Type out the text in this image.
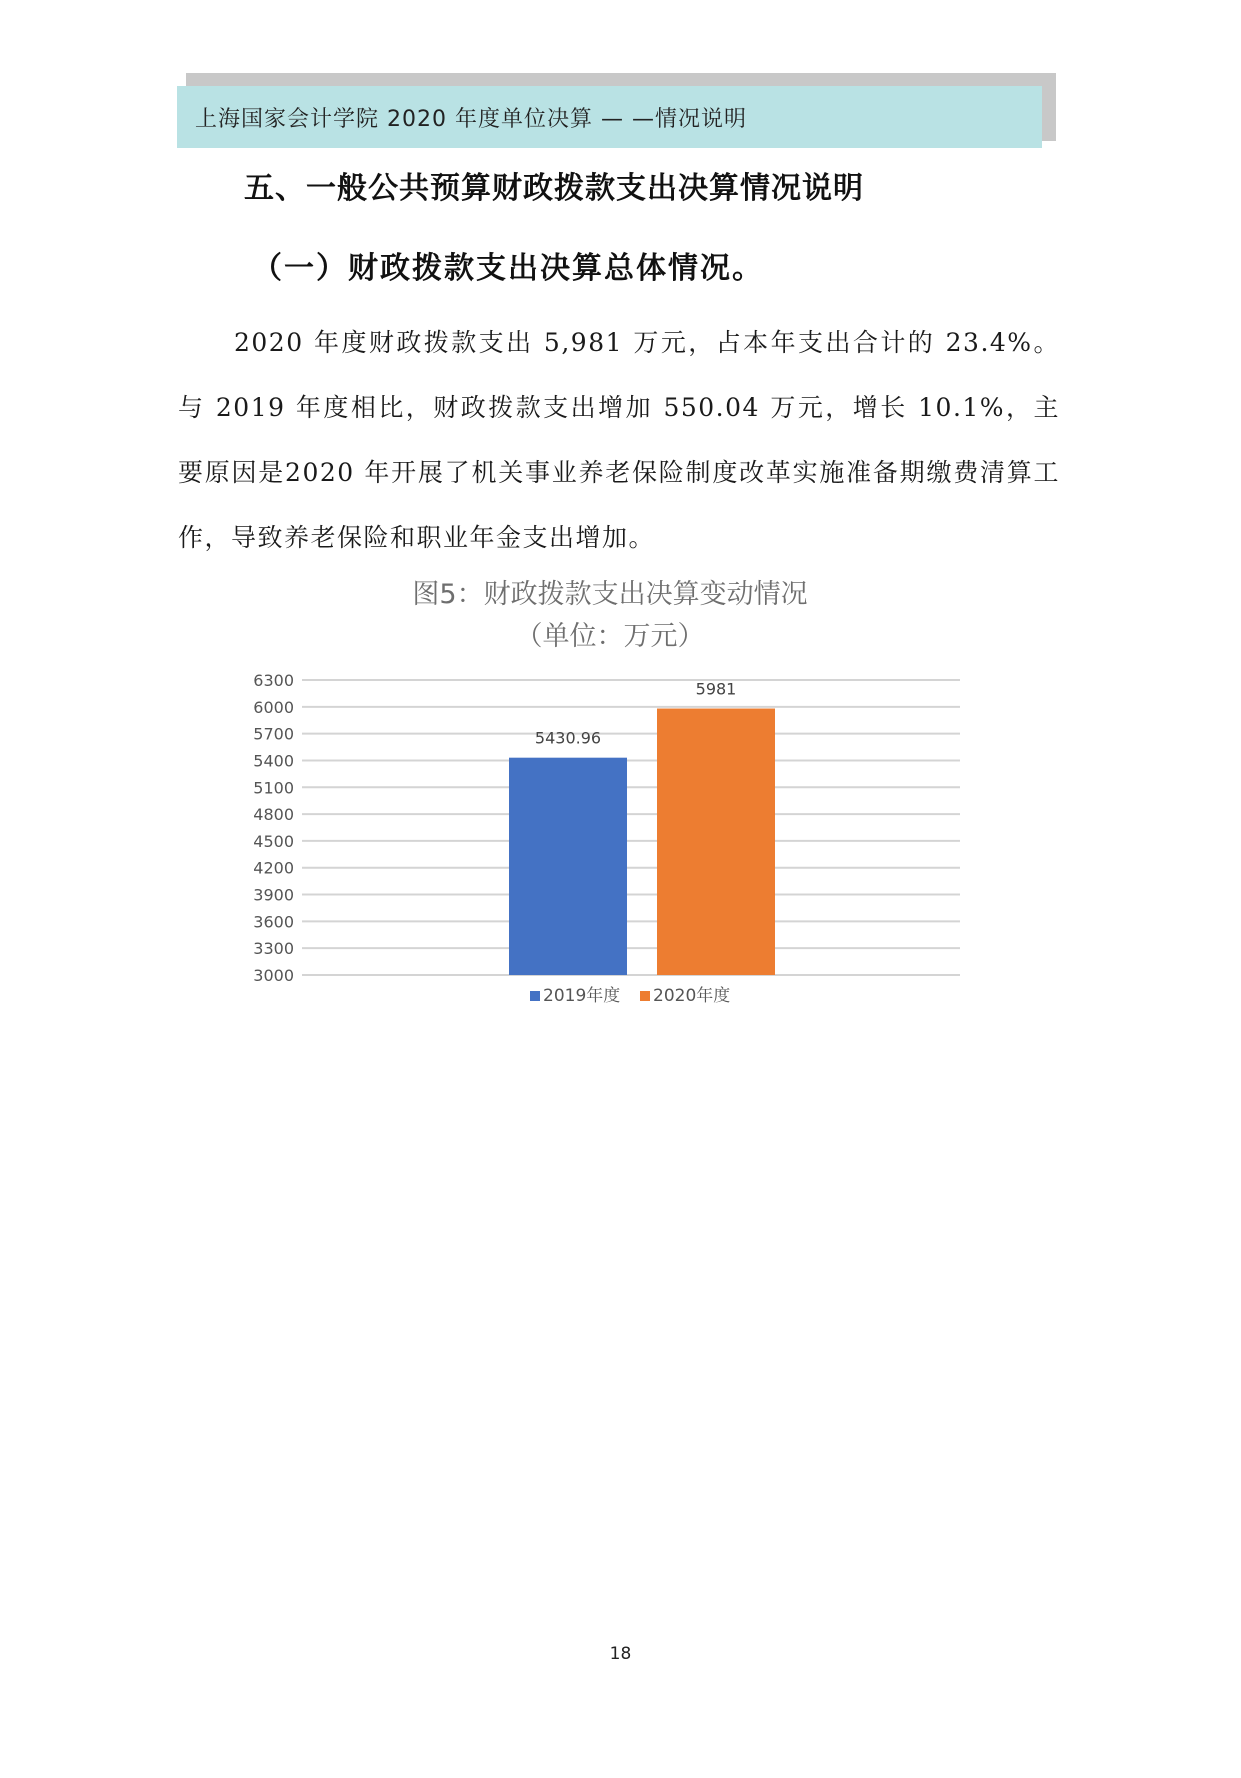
上海国家会计学院 2020 年度单位决算 — —情况说明
五、一般公共预算财政拨款支出决算情况说明
（一）财政拨款支出决算总体情况。

2020 年度财政拨款支出 5,981 万元，占本年支出合计的 23.4%。与 2019 年度相比，财政拨款支出增加 550.04 万元，增长 10.1%，主要原因是2020 年开展了机关事业养老保险制度改革实施准备期缴费清算工作，导致养老保险和职业年金支出增加。

图5：财政拨款支出决算变动情况
（单位：万元）
3000
3300
3600
3900
4200
4500
4800
5100
5400
5700
6000
6300
5430.96
5981
2019年度 2020年度
18
